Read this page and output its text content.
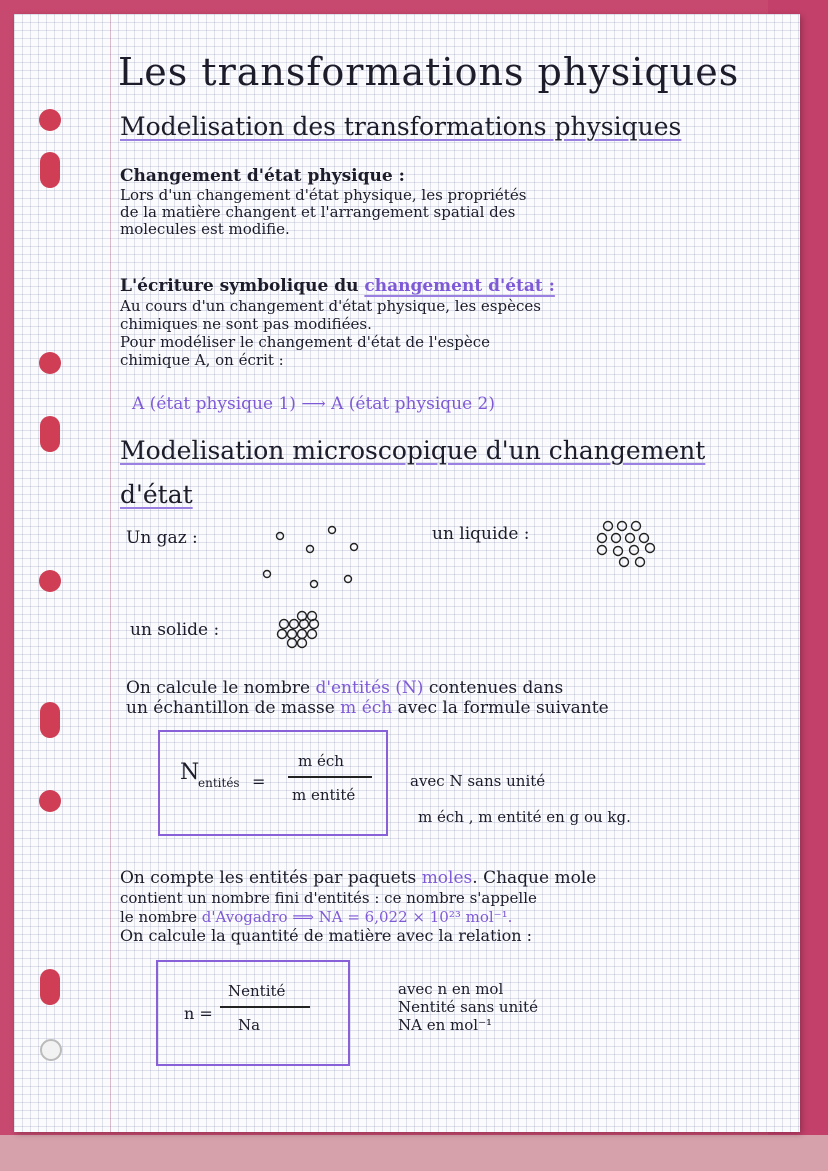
Les transformations physiques
Modelisation des transformations physiques
Changement d'état physique :
Lors d'un changement d'état physique, les propriétés
de la matière changent et l'arrangement spatial des
molecules est modifie.
L'écriture symbolique du changement d'état :
Au cours d'un changement d'état physique, les espèces
chimiques ne sont pas modifiées.
Pour modéliser le changement d'état de l'espèce
chimique A, on écrit :
A (état physique 1) ⟶ A (état physique 2)
Modelisation microscopique d'un changement
d'état
Un gaz :	un liquide :
un solide :
On calcule le nombre d'entités (N) contenues dans
un échantillon de masse m éch avec la formule suivante
N
entités =
m éch
m entité
avec N sans unité
m éch , m entité en g ou kg.
On compte les entités par paquets moles. Chaque mole
contient un nombre fini d'entités : ce nombre s'appelle
le nombre d'Avogadro ⟹ NA = 6,022 × 10²³ mol⁻¹.
On calcule la quantité de matière avec la relation :
n =
Nentité
Na
avec n en mol
Nentité sans unité
NA en mol⁻¹
